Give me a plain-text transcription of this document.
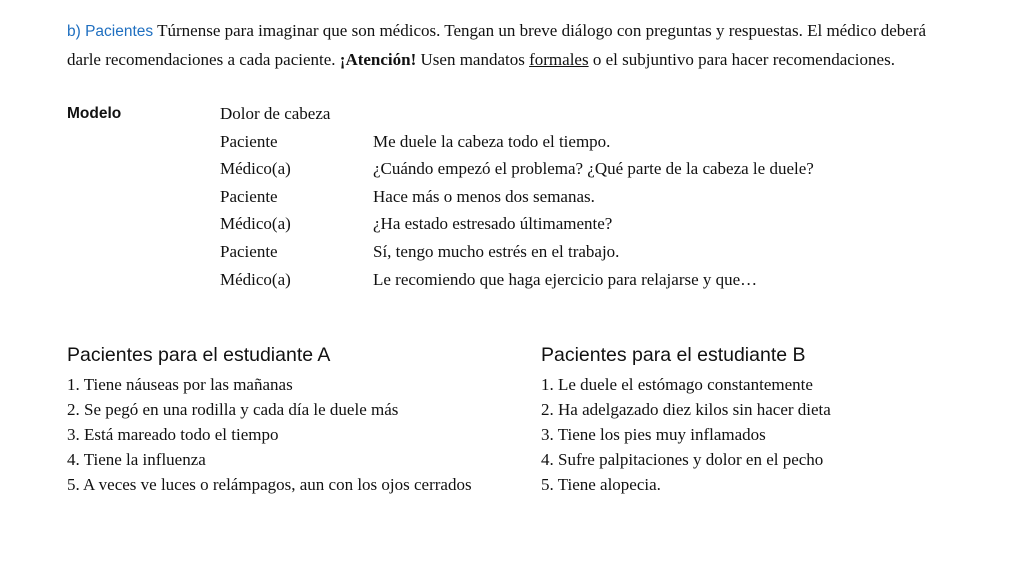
b) Pacientes Túrnense para imaginar que son médicos. Tengan un breve diálogo con preguntas y respuestas. El médico deberá darle recomendaciones a cada paciente. ¡Atención! Usen mandatos formales o el subjuntivo para hacer recomendaciones.
Modelo	Dolor de cabeza
Paciente	Me duele la cabeza todo el tiempo.
Médico(a)	¿Cuándo empezó el problema? ¿Qué parte de la cabeza le duele?
Paciente	Hace más o menos dos semanas.
Médico(a)	¿Ha estado estresado últimamente?
Paciente	Sí, tengo mucho estrés en el trabajo.
Médico(a)	Le recomiendo que haga ejercicio para relajarse y que…
Pacientes para el estudiante A
1. Tiene náuseas por las mañanas
2. Se pegó en una rodilla y cada día le duele más
3. Está mareado todo el tiempo
4. Tiene la influenza
5. A veces ve luces o relámpagos, aun con los ojos cerrados
Pacientes para el estudiante B
1. Le duele el estómago constantemente
2. Ha adelgazado diez kilos sin hacer dieta
3. Tiene los pies muy inflamados
4. Sufre palpitaciones y dolor en el pecho
5. Tiene alopecia.
